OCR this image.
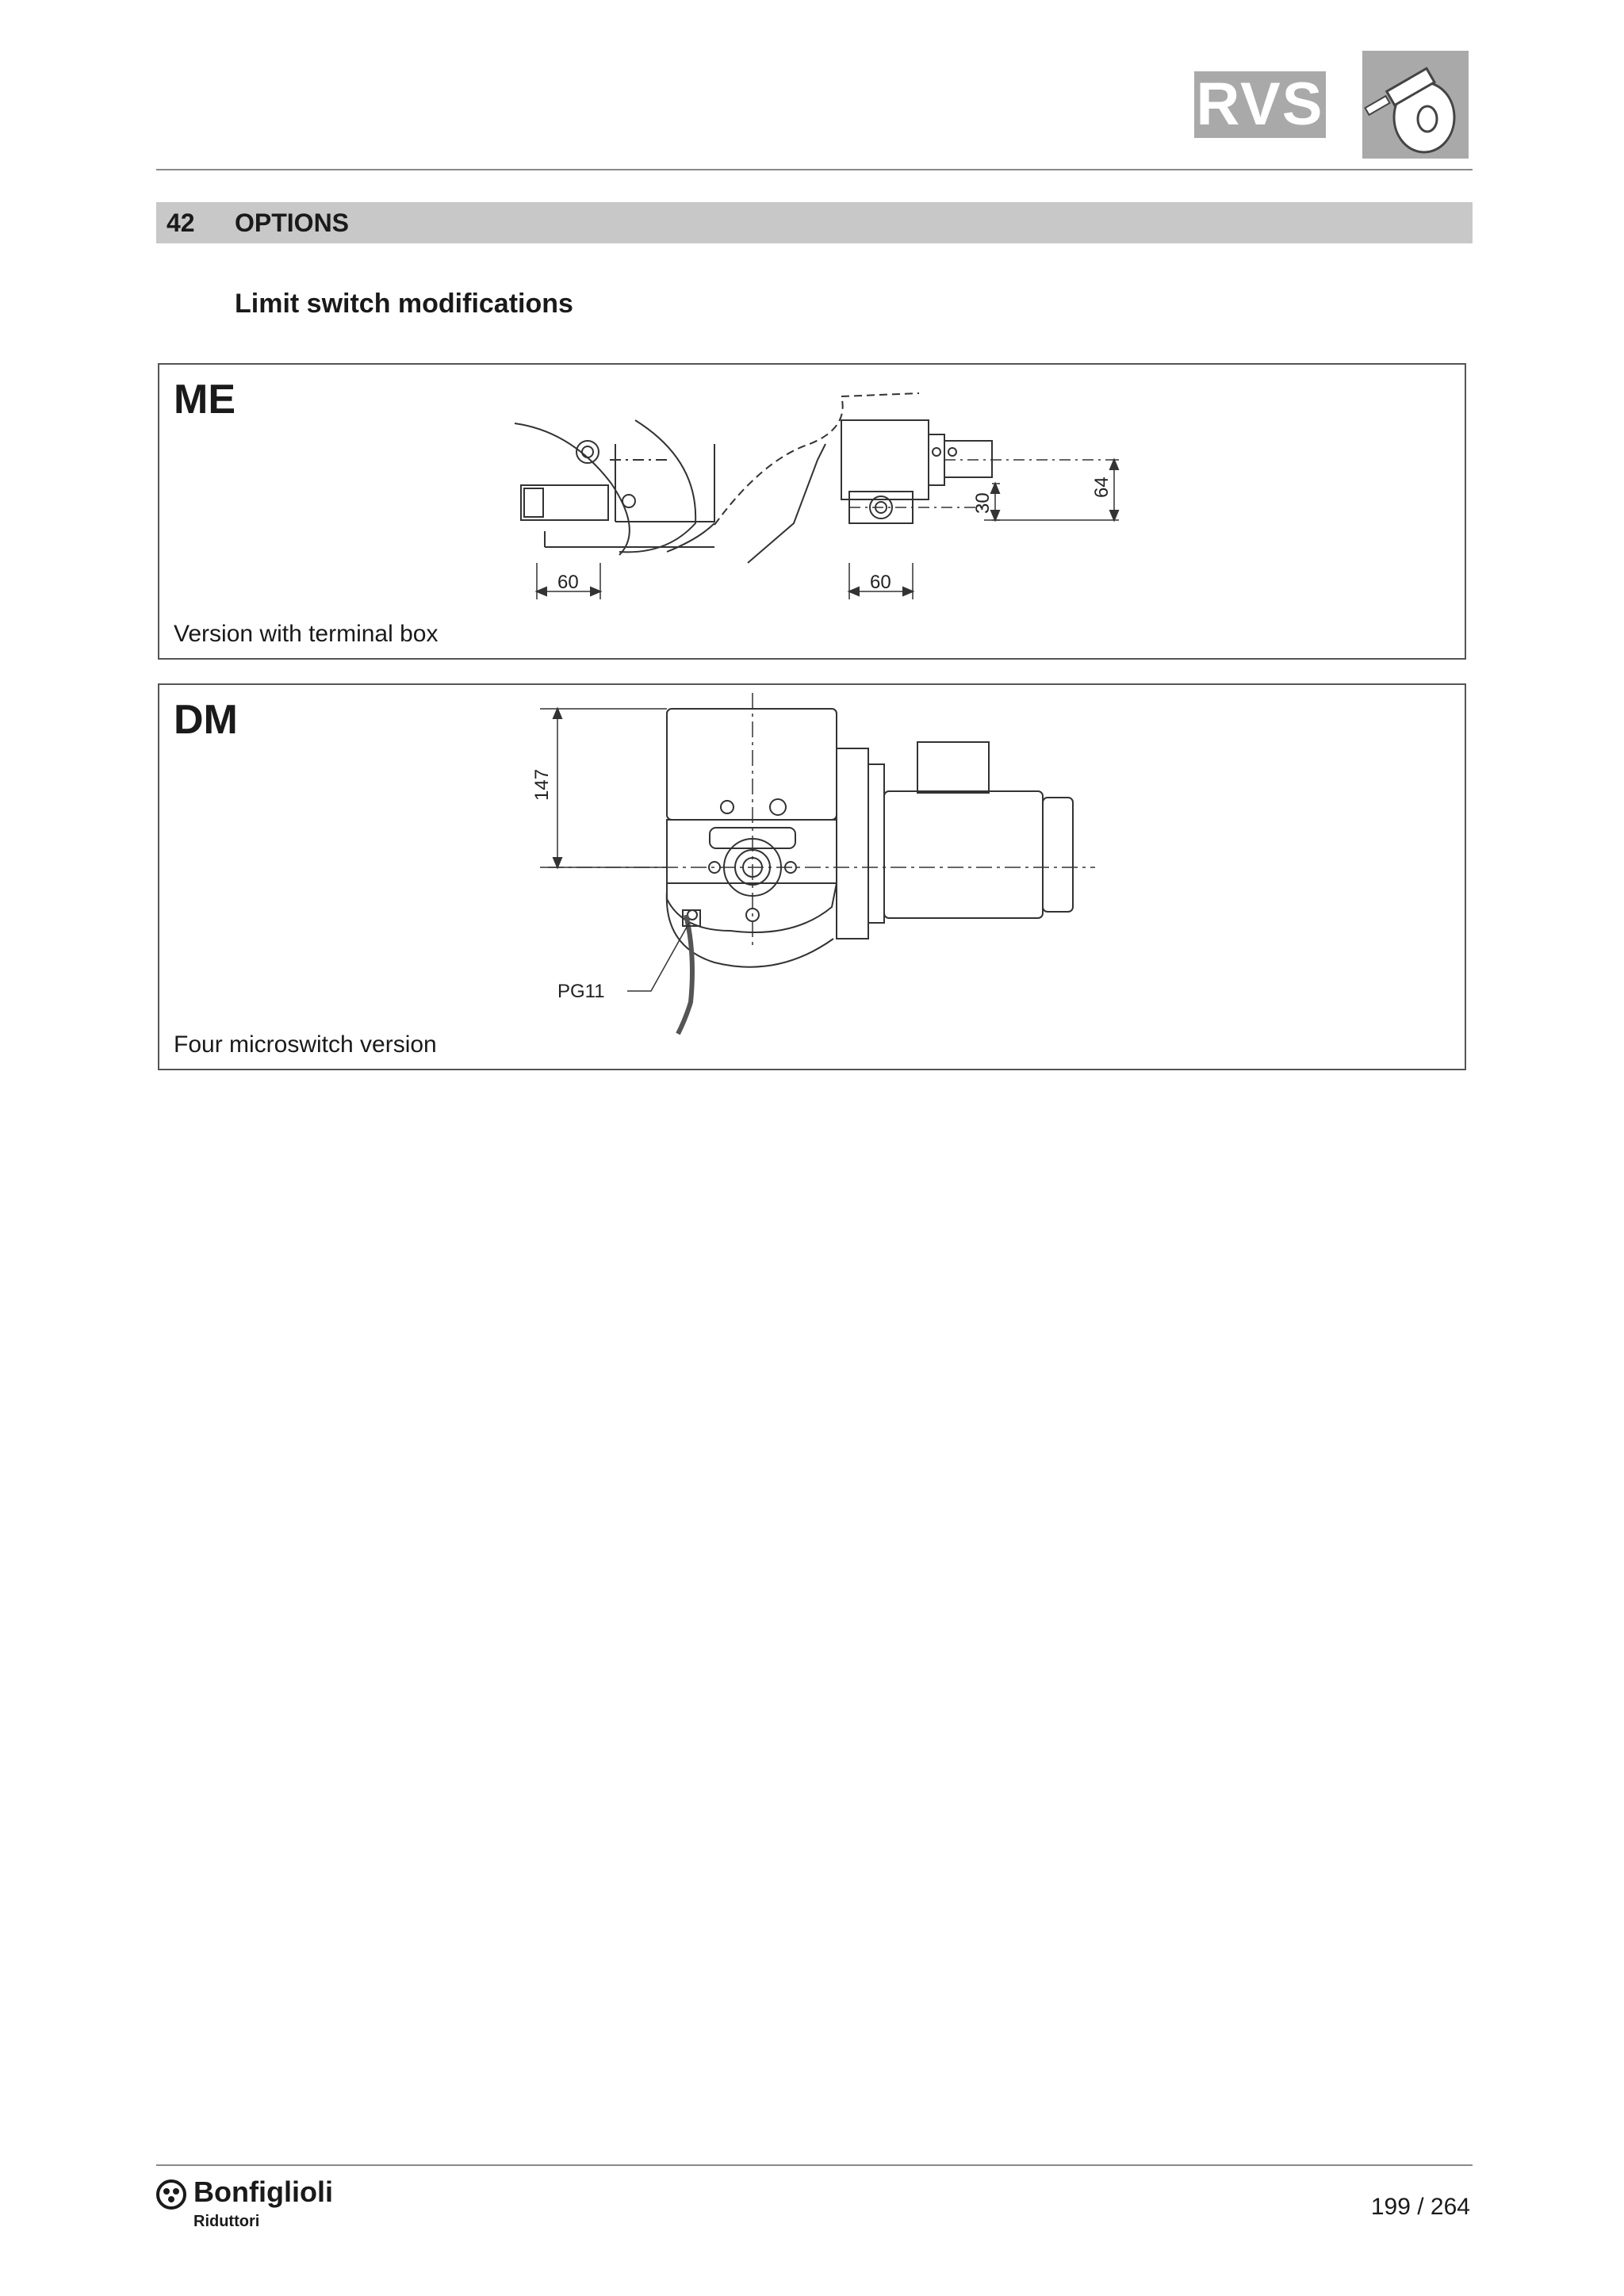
RVS
42 OPTIONS
Limit switch modifications
ME
60	60
30
64
Version with terminal box
DM
147
PG11
Four microswitch version
Bonfiglioli
Riduttori
199 / 264
